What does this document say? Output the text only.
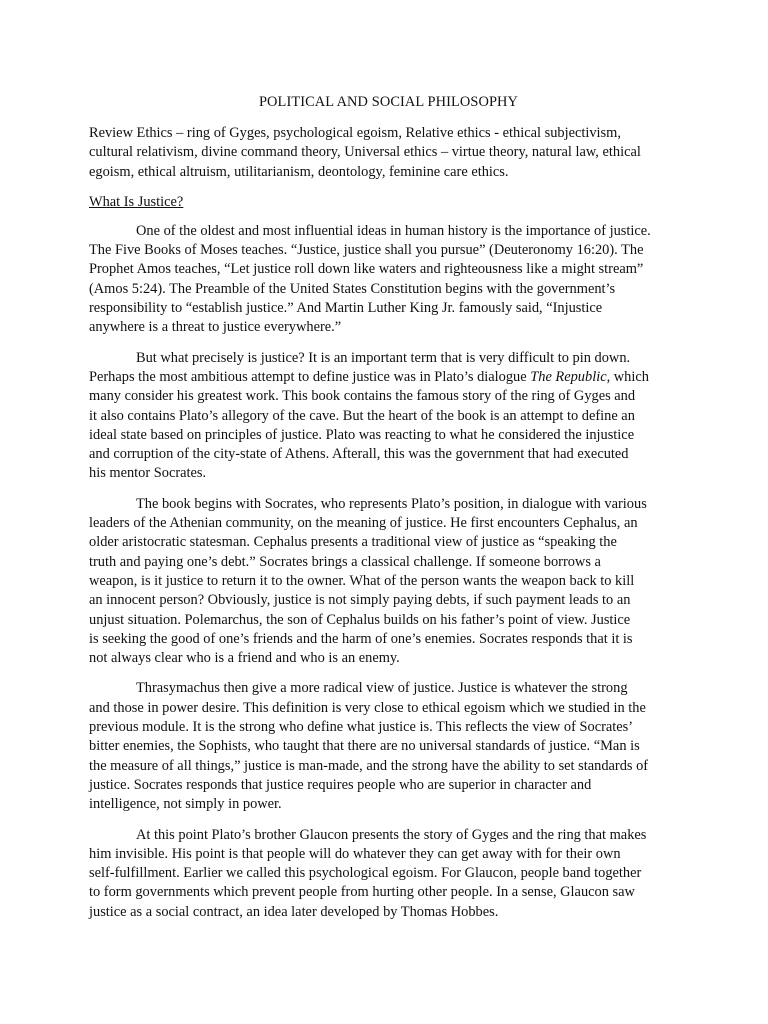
POLITICAL AND SOCIAL PHILOSOPHY

Review Ethics – ring of Gyges, psychological egoism, Relative ethics - ethical subjectivism,
cultural relativism, divine command theory, Universal ethics – virtue theory, natural law, ethical
egoism, ethical altruism, utilitarianism, deontology, feminine care ethics.

What Is Justice?

One of the oldest and most influential ideas in human history is the importance of justice.
The Five Books of Moses teaches. “Justice, justice shall you pursue” (Deuteronomy 16:20). The
Prophet Amos teaches, “Let justice roll down like waters and righteousness like a might stream”
(Amos 5:24). The Preamble of the United States Constitution begins with the government’s
responsibility to “establish justice.” And Martin Luther King Jr. famously said, “Injustice
anywhere is a threat to justice everywhere.”

But what precisely is justice? It is an important term that is very difficult to pin down.
Perhaps the most ambitious attempt to define justice was in Plato’s dialogue The Republic, which
many consider his greatest work. This book contains the famous story of the ring of Gyges and
it also contains Plato’s allegory of the cave. But the heart of the book is an attempt to define an
ideal state based on principles of justice. Plato was reacting to what he considered the injustice
and corruption of the city-state of Athens. Afterall, this was the government that had executed
his mentor Socrates.

The book begins with Socrates, who represents Plato’s position, in dialogue with various
leaders of the Athenian community, on the meaning of justice. He first encounters Cephalus, an
older aristocratic statesman. Cephalus presents a traditional view of justice as “speaking the
truth and paying one’s debt.” Socrates brings a classical challenge. If someone borrows a
weapon, is it justice to return it to the owner. What of the person wants the weapon back to kill
an innocent person? Obviously, justice is not simply paying debts, if such payment leads to an
unjust situation. Polemarchus, the son of Cephalus builds on his father’s point of view. Justice
is seeking the good of one’s friends and the harm of one’s enemies. Socrates responds that it is
not always clear who is a friend and who is an enemy.

Thrasymachus then give a more radical view of justice. Justice is whatever the strong
and those in power desire. This definition is very close to ethical egoism which we studied in the
previous module. It is the strong who define what justice is. This reflects the view of Socrates’
bitter enemies, the Sophists, who taught that there are no universal standards of justice. “Man is
the measure of all things,” justice is man-made, and the strong have the ability to set standards of
justice. Socrates responds that justice requires people who are superior in character and
intelligence, not simply in power.

At this point Plato’s brother Glaucon presents the story of Gyges and the ring that makes
him invisible. His point is that people will do whatever they can get away with for their own
self-fulfillment. Earlier we called this psychological egoism. For Glaucon, people band together
to form governments which prevent people from hurting other people. In a sense, Glaucon saw
justice as a social contract, an idea later developed by Thomas Hobbes.
